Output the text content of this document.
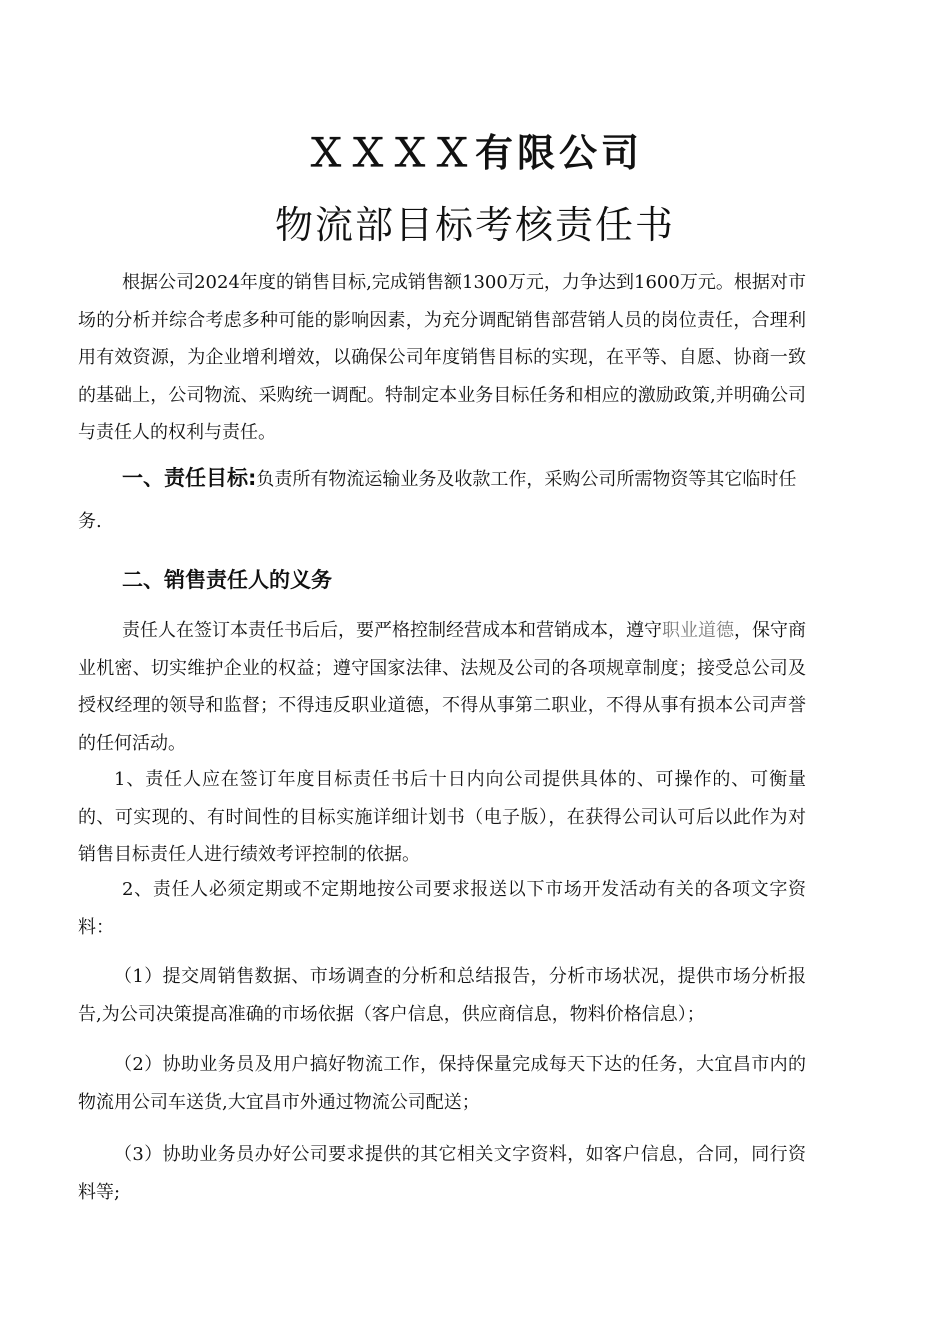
ＸＸＸＸ有限公司
物流部目标考核责任书

根据公司2024年度的销售目标,完成销售额1300万元，力争达到1600万元。根据对市场的分析并综合考虑多种可能的影响因素，为充分调配销售部营销人员的岗位责任，合理利用有效资源，为企业增利增效，以确保公司年度销售目标的实现，在平等、自愿、协商一致的基础上，公司物流、采购统一调配。特制定本业务目标任务和相应的激励政策,并明确公司与责任人的权利与责任。

一、责任目标:负责所有物流运输业务及收款工作，采购公司所需物资等其它临时任务.

二、销售责任人的义务

责任人在签订本责任书后后，要严格控制经营成本和营销成本，遵守职业道德，保守商业机密、切实维护企业的权益；遵守国家法律、法规及公司的各项规章制度；接受总公司及授权经理的领导和监督；不得违反职业道德，不得从事第二职业，不得从事有损本公司声誉的任何活动。

1、责任人应在签订年度目标责任书后十日内向公司提供具体的、可操作的、可衡量的、可实现的、有时间性的目标实施详细计划书（电子版），在获得公司认可后以此作为对销售目标责任人进行绩效考评控制的依据。

2、责任人必须定期或不定期地按公司要求报送以下市场开发活动有关的各项文字资料：

（1）提交周销售数据、市场调查的分析和总结报告，分析市场状况，提供市场分析报告,为公司决策提高准确的市场依据（客户信息，供应商信息，物料价格信息）；

（2）协助业务员及用户搞好物流工作，保持保量完成每天下达的任务，大宜昌市内的物流用公司车送货,大宜昌市外通过物流公司配送；

（3）协助业务员办好公司要求提供的其它相关文字资料，如客户信息，合同，同行资料等;
